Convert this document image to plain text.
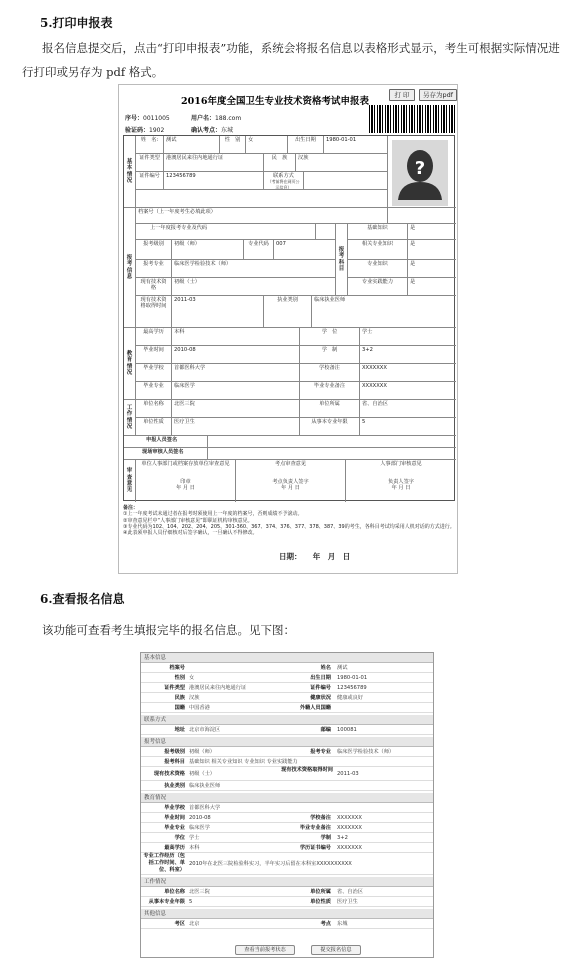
5.打印申报表
报名信息提交后，点击“打印申报表”功能，系统会将报名信息以表格形式显示，考生可根据实际情况进行打印或另存为 pdf 格式。
2016年度全国卫生专业技术资格考试申报表
打 印	另存为pdf
序号：0011005	用户名：188.com
验证码：1902	确认考点：东城
基本情况
姓　名:	测试	性　别	女	出生日期	1980-01-01
证件类型	港澳居民来往内地通行证	民　族	汉族
证件编号	123456789	联系方式
（考前将在网页公示信息）
?
报考信息
档案号（上一年度考生必填此项）
上一年度报考专业及代码
报考科目
报考级别	初级（师）	专业代码	007
报考专业	临床医学检验技术（师）
现有技术资格
初级（士）
现有技术资格取得时间
2011-03	执业类别	临床执业医师
基础知识	是
相关专业知识	是
专业知识	是
专业实践能力	是
教育情况
最高学历	本科	学　位	学士
毕业时间	2010-08	学　制	3+2
毕业学校	首都医科大学	学校备注	XXXXXXX
毕业专业	临床医学	毕业专业备注	XXXXXXX
工作情况
单位名称	北医三院	单位所属	省、自治区
单位性质	医疗卫生	从事本专业年限	5
申报人员签名
现场审核人员签名
审查意见
单位人事部门或档案存放单位审查意见

印章
年 月 日
考点审查意见

考点负责人签字
年 月 日
人事部门审核意见

负责人签字
年 月 日
备注：
①上一年度考试未通过者在报考时须使用上一年度的档案号，否则成绩不予滚动。
②审查意见栏中“人事部门审核意见”即职证机构审核意见。
③专业代码为102、104、202、204、205、301-360、367、374、376、377、378、387、39的考生，各科目考试均采用人机对话的方式进行。
④此表须申报人员仔细核对后签字确认，一旦确认不得修改。
日期：　　年　月　日
6.查看报名信息
该功能可查看考生填报完毕的报名信息。见下图：
基本信息
档案号	姓名 测试
性别 女	出生日期 1980-01-01
证件类型 港澳居民来往内地通行证	证件编号 123456789
民族 汉族	健康状况 健康或良好
国籍 中国香港	外籍人员国籍
联系方式
地址 北京市海淀区	邮编 100081
报考信息
报考级别 初级（师）	报考专业 临床医学检验技术（师）
报考科目 基础知识 相关专业知识 专业知识 专业实践能力
现有技术资格 初级（士）
现有技术资格取得时间
2011-03
执业类别 临床执业医师
教育情况
毕业学校 首都医科大学
毕业时间 2010-08	学校备注 XXXXXXX
毕业专业 临床医学	毕业专业备注 XXXXXXX
学位 学士	学制 3+2
最高学历 本科	学历证书编号 XXXXXXX
专业工作经历（包括工作时间、单位、科室）
2010年在北医三院检验科实习，半年实习后留在本科室XXXXXXXXXX
工作情况
单位名称 北医三院	单位所属 省、自治区
从事本专业年限 5	单位性质 医疗卫生
其他信息
考区 北京	考点 东城
查看当前报考状态	提交报名信息
